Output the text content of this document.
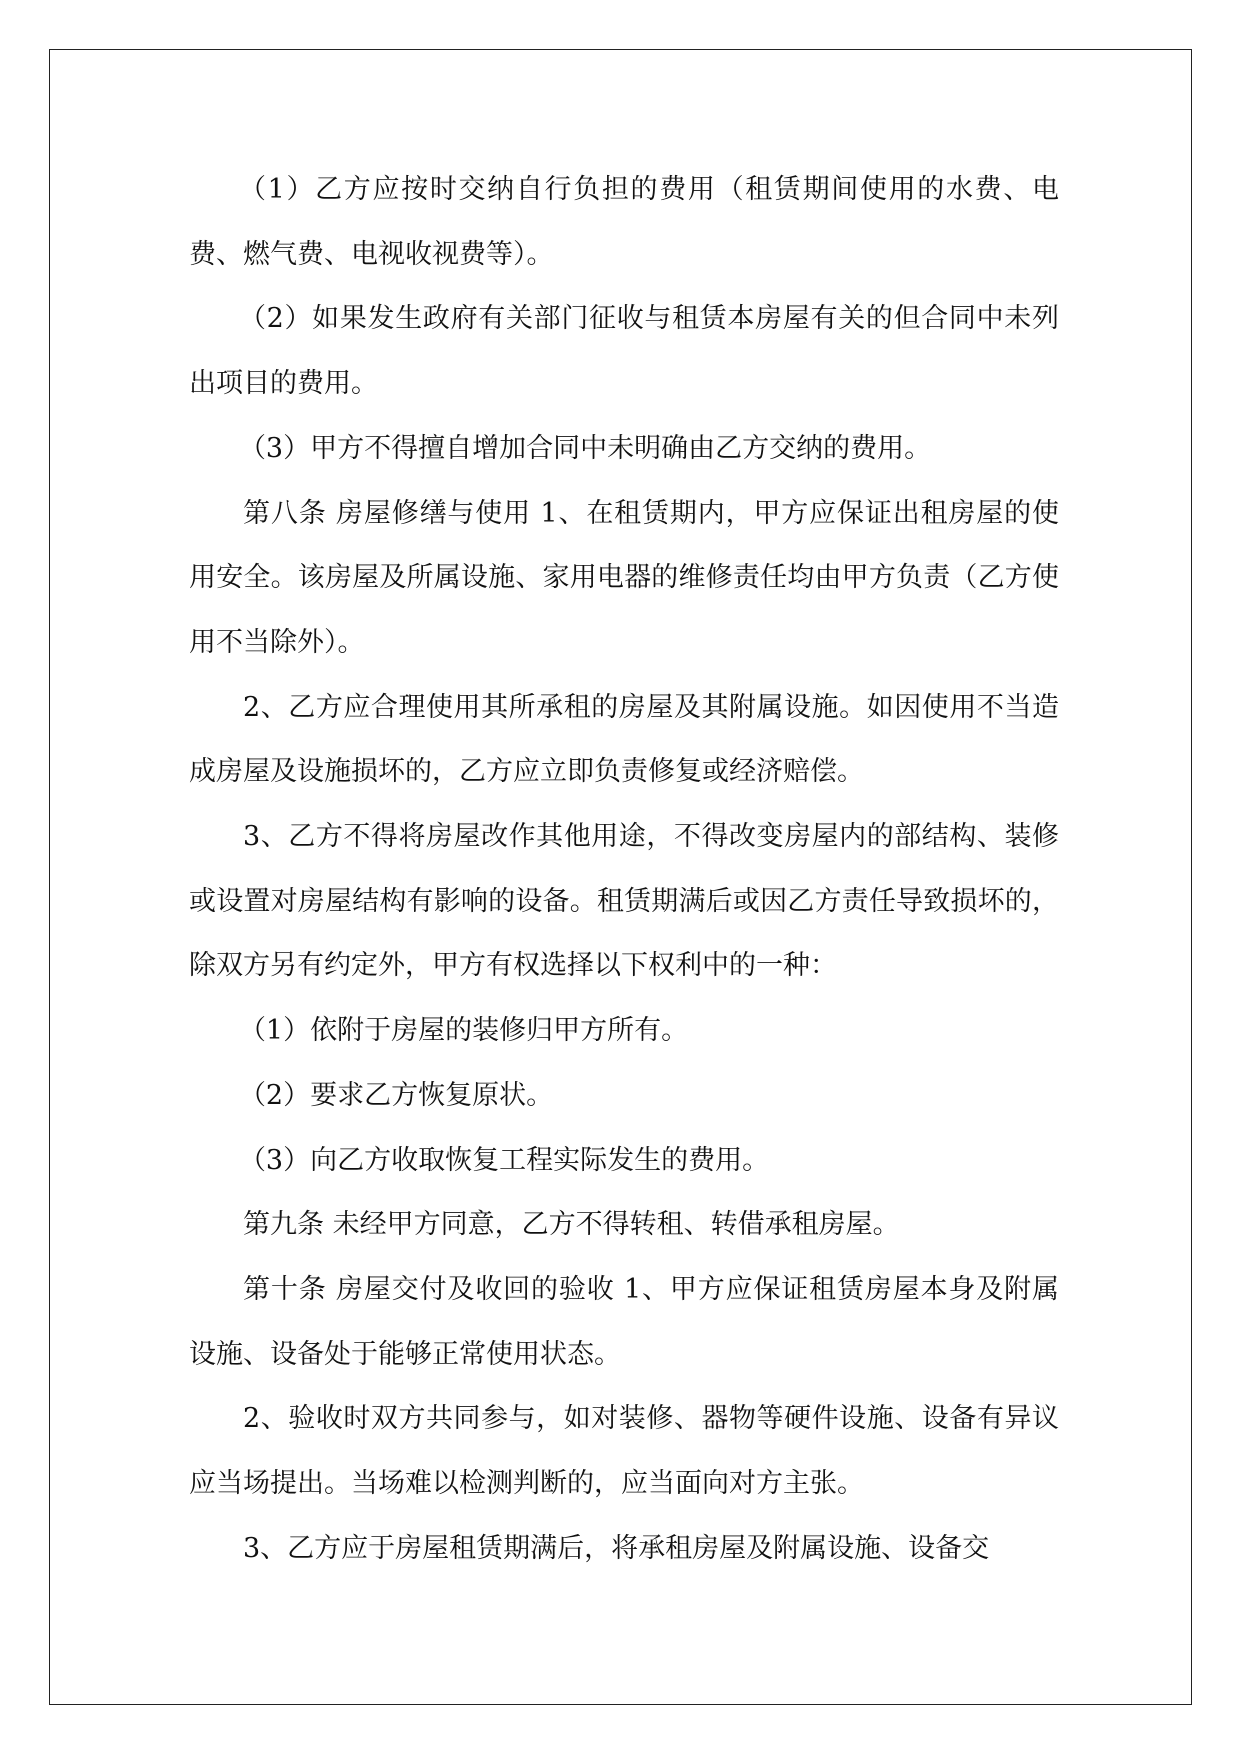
（1）乙方应按时交纳自行负担的费用（租赁期间使用的水费、电费、燃气费、电视收视费等）。

（2）如果发生政府有关部门征收与租赁本房屋有关的但合同中未列出项目的费用。

（3）甲方不得擅自增加合同中未明确由乙方交纳的费用。

第八条 房屋修缮与使用 1、在租赁期内，甲方应保证出租房屋的使用安全。该房屋及所属设施、家用电器的维修责任均由甲方负责（乙方使用不当除外）。

2、乙方应合理使用其所承租的房屋及其附属设施。如因使用不当造成房屋及设施损坏的，乙方应立即负责修复或经济赔偿。

3、乙方不得将房屋改作其他用途，不得改变房屋内的部结构、装修或设置对房屋结构有影响的设备。租赁期满后或因乙方责任导致损坏的，除双方另有约定外，甲方有权选择以下权利中的一种：

（1）依附于房屋的装修归甲方所有。

（2）要求乙方恢复原状。

（3）向乙方收取恢复工程实际发生的费用。

第九条 未经甲方同意，乙方不得转租、转借承租房屋。

第十条 房屋交付及收回的验收 1、甲方应保证租赁房屋本身及附属设施、设备处于能够正常使用状态。

2、验收时双方共同参与，如对装修、器物等硬件设施、设备有异议应当场提出。当场难以检测判断的，应当面向对方主张。

3、乙方应于房屋租赁期满后，将承租房屋及附属设施、设备交
